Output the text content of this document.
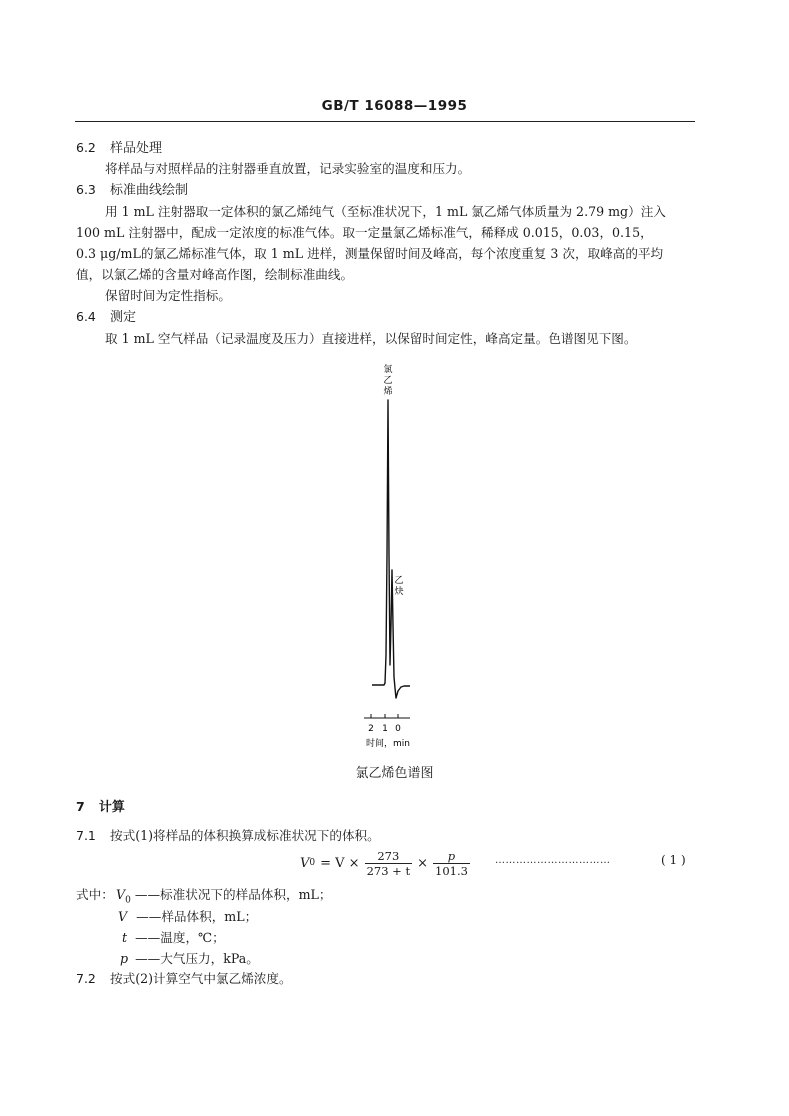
GB/T 16088—1995
6.2 样品处理
将样品与对照样品的注射器垂直放置，记录实验室的温度和压力。
6.3 标准曲线绘制
用 1 mL 注射器取一定体积的氯乙烯纯气（至标准状况下，1 mL 氯乙烯气体质量为 2.79 mg）注入
100 mL 注射器中，配成一定浓度的标准气体。取一定量氯乙烯标准气，稀释成 0.015，0.03，0.15，
0.3 μg/mL的氯乙烯标准气体，取 1 mL 进样，测量保留时间及峰高，每个浓度重复 3 次，取峰高的平均
值，以氯乙烯的含量对峰高作图，绘制标准曲线。
保留时间为定性指标。
6.4 测定
取 1 mL 空气样品（记录温度及压力）直接进样，以保留时间定性，峰高定量。色谱图见下图。
氯
乙
烯
乙
炔
2 1 0
时间，min
氯乙烯色谱图
7 计算
7.1 按式(1)将样品的体积换算成标准状况下的体积。
V $0 = V \times \frac{273}{273 + t} \times \frac{p}{101.3}$	……………………………	( 1 )
式中： $V_0$ ——标准状况下的样品体积，mL；
V ——样品体积，mL；
t ——温度，℃；
p ——大气压力，kPa。
7.2 按式(2)计算空气中氯乙烯浓度。
